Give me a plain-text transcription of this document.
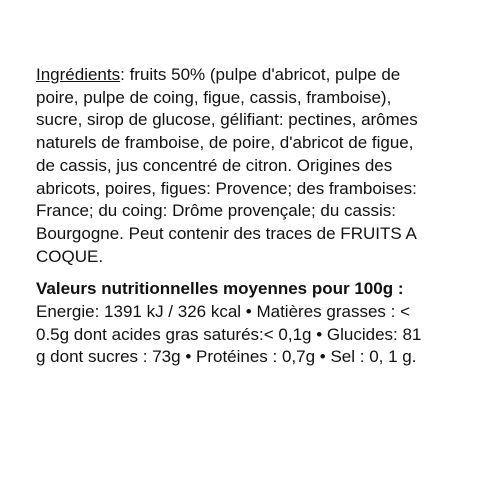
Ingrédients: fruits 50% (pulpe d'abricot, pulpe de
poire, pulpe de coing, figue, cassis, framboise),
sucre, sirop de glucose, gélifiant: pectines, arômes
naturels de framboise, de poire, d'abricot de figue,
de cassis, jus concentré de citron. Origines des
abricots, poires, figues: Provence; des framboises:
France; du coing: Drôme provençale; du cassis:
Bourgogne. Peut contenir des traces de FRUITS A
COQUE.

Valeurs nutritionnelles moyennes pour 100g :

Energie: 1391 kJ / 326 kcal • Matières grasses : <
0.5g dont acides gras saturés:< 0,1g • Glucides: 81
g dont sucres : 73g • Protéines : 0,7g • Sel : 0, 1 g.
